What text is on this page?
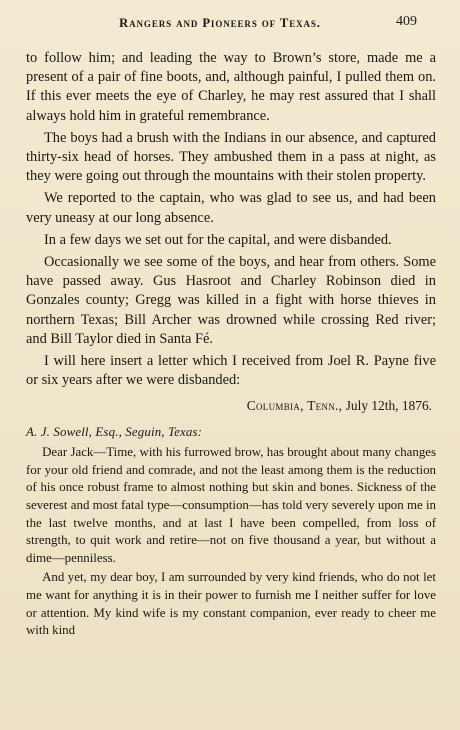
Rangers and Pioneers of Texas.	409

to follow him; and leading the way to Brown’s store, made me a present of a pair of fine boots, and, although painful, I pulled them on. If this ever meets the eye of Charley, he may rest assured that I shall always hold him in grateful remembrance.

The boys had a brush with the Indians in our absence, and captured thirty-six head of horses. They ambushed them in a pass at night, as they were going out through the mountains with their stolen property.

We reported to the captain, who was glad to see us, and had been very uneasy at our long absence.

In a few days we set out for the capital, and were disbanded.

Occasionally we see some of the boys, and hear from others. Some have passed away. Gus Hasroot and Charley Robinson died in Gonzales county; Gregg was killed in a fight with horse thieves in northern Texas; Bill Archer was drowned while crossing Red river; and Bill Taylor died in Santa Fé.

I will here insert a letter which I received from Joel R. Payne five or six years after we were disbanded:

Columbia, Tenn., July 12th, 1876.

A. J. Sowell, Esq., Seguin, Texas:

Dear Jack—Time, with his furrowed brow, has brought about many changes for your old friend and comrade, and not the least among them is the reduction of his once robust frame to almost nothing but skin and bones. Sickness of the severest and most fatal type—consumption—has told very severely upon me in the last twelve months, and at last I have been compelled, from loss of strength, to quit work and retire—not on five thousand a year, but without a dime—penniless.

And yet, my dear boy, I am surrounded by very kind friends, who do not let me want for anything it is in their power to furnish me I neither suffer for love or attention. My kind wife is my constant companion, ever ready to cheer me with kind
